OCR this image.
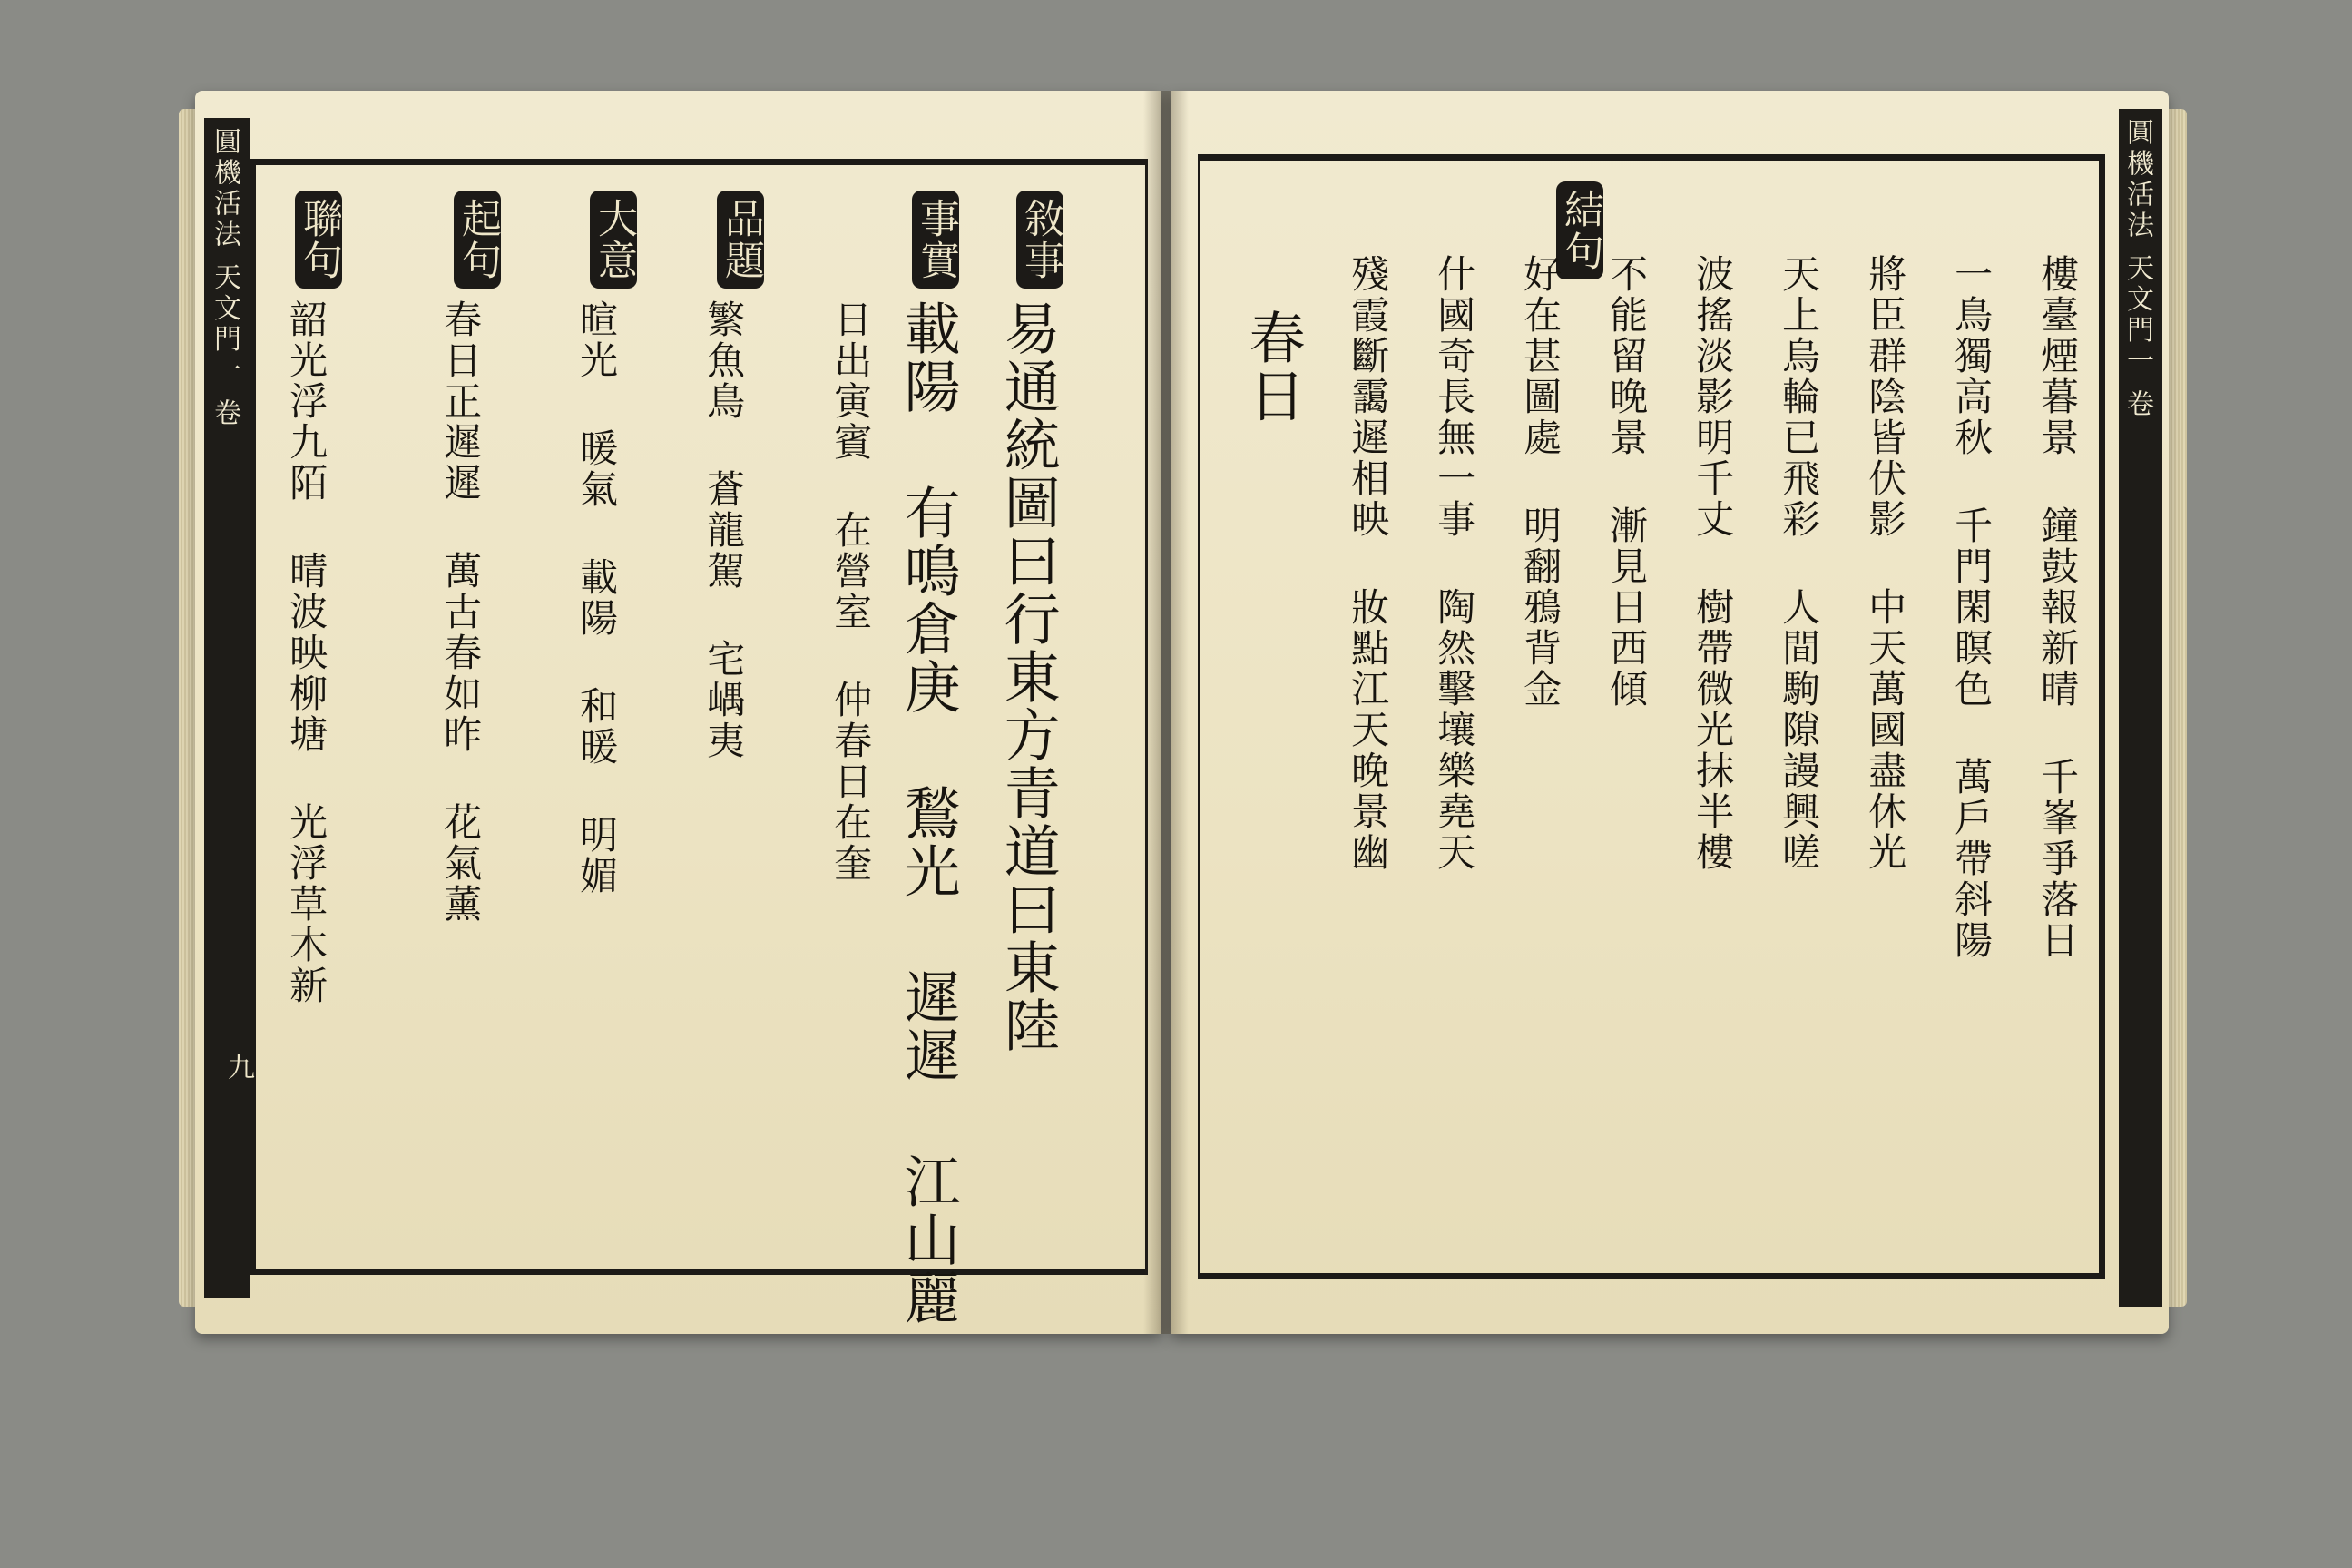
圓機活法 天文門一 卷	敘事
事實
品題
大意
起句
聯句
易通統圖曰行東方青道曰東陸
載陽 有鳴倉庚 鶖光 遲遲 江山麗
日出寅賓 在營室 仲春日在奎
繁魚鳥 蒼龍駕 宅嵎夷
暄光 暖氣 載陽 和暖 明媚
春日正遲遲 萬古春如昨 花氣薰
韶光浮九陌 晴波映柳塘 光浮草木新
九
圓機活法 天文門一 卷
結句
樓臺煙暮景 鐘鼓報新晴 千峯爭落日
一鳥獨高秋 千門閑瞑色 萬戶帶斜陽
將臣群陰皆伏影 中天萬國盡休光
天上烏輪已飛彩 人間駒隙謾興嗟
波搖淡影明千丈 樹帶微光抹半樓
不能留晚景 漸見日西傾
好在甚圖處 明翻鴉背金
什國奇長無一事 陶然擊壤樂堯天
殘霞斷靄遲相映 妝點江天晚景幽
春日
